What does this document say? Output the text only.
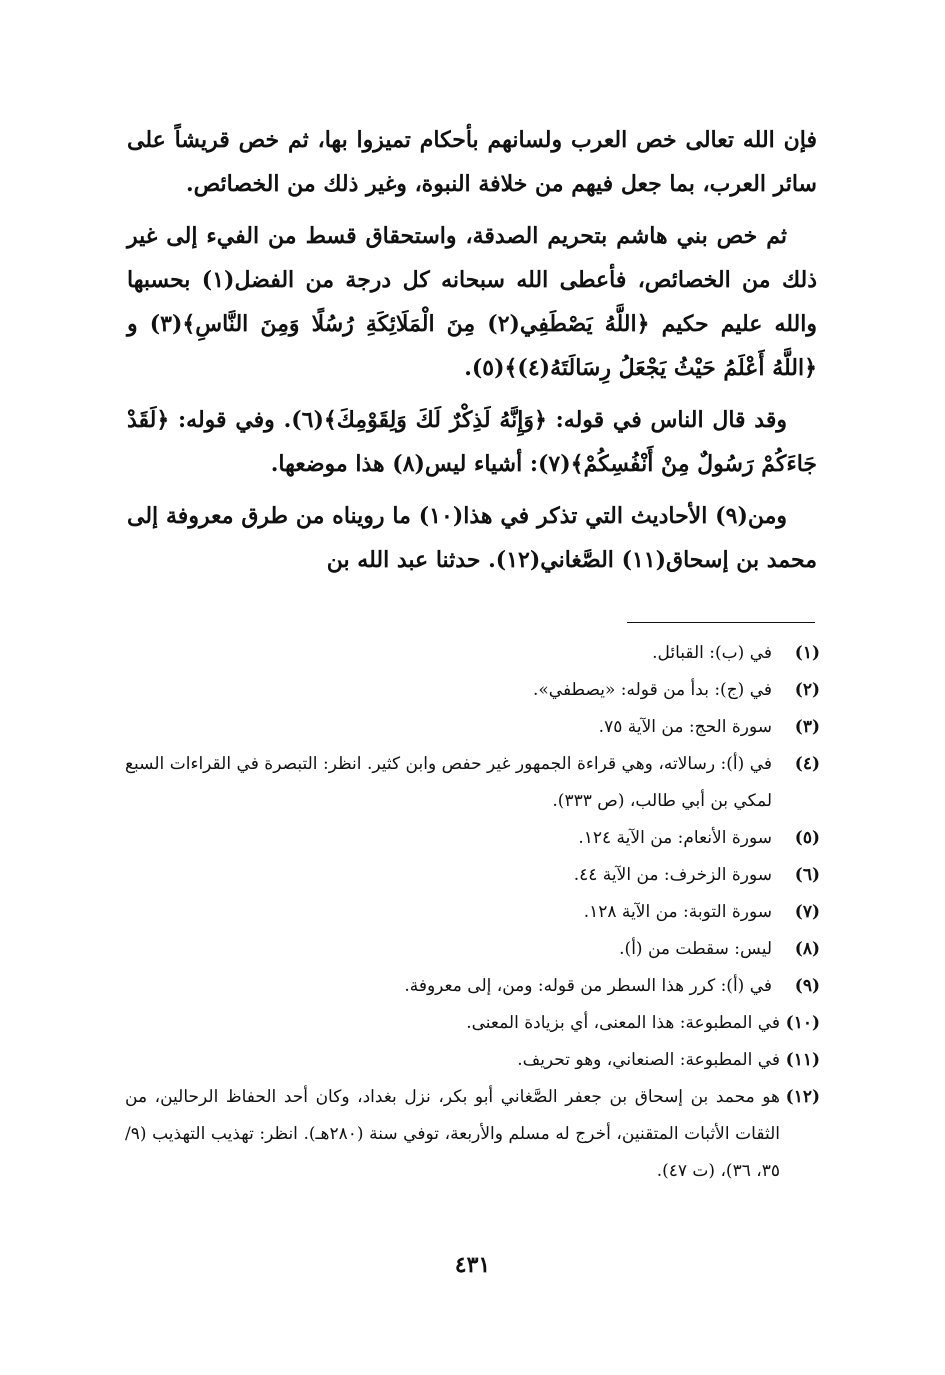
فإن الله تعالى خص العرب ولسانهم بأحكام تميزوا بها، ثم خص قريشاً على سائر العرب، بما جعل فيهم من خلافة النبوة، وغير ذلك من الخصائص.

ثم خص بني هاشم بتحريم الصدقة، واستحقاق قسط من الفيء إلى غير ذلك من الخصائص، فأعطى الله سبحانه كل درجة من الفضل(١) بحسبها والله عليم حكيم ﴿اللَّهُ يَصْطَفِي(٢) مِنَ الْمَلَائِكَةِ رُسُلًا وَمِنَ النَّاسِ﴾(٣) و ﴿اللَّهُ أَعْلَمُ حَيْثُ يَجْعَلُ رِسَالَتَهُ(٤)﴾(٥).

وقد قال الناس في قوله: ﴿وَإِنَّهُ لَذِكْرٌ لَكَ وَلِقَوْمِكَ﴾(٦). وفي قوله: ﴿لَقَدْ جَاءَكُمْ رَسُولٌ مِنْ أَنْفُسِكُمْ﴾(٧): أشياء ليس(٨) هذا موضعها.

ومن(٩) الأحاديث التي تذكر في هذا(١٠) ما رويناه من طرق معروفة إلى محمد بن إسحاق(١١) الصَّغاني(١٢). حدثنا عبد الله بن

(١)
في (ب): القبائل.
(٢)
في (ج): بدأ من قوله: «يصطفي».
(٣)
سورة الحج: من الآية ٧٥.
(٤)
في (أ): رسالاته، وهي قراءة الجمهور غير حفص وابن كثير. انظر: التبصرة في القراءات السبع لمكي بن أبي طالب، (ص ٣٣٣).
(٥)
سورة الأنعام: من الآية ١٢٤.
(٦)
سورة الزخرف: من الآية ٤٤.
(٧)
سورة التوبة: من الآية ١٢٨.
(٨)
ليس: سقطت من (أ).
(٩)
في (أ): كرر هذا السطر من قوله: ومن، إلى معروفة.
(١٠)
في المطبوعة: هذا المعنى، أي بزيادة المعنى.
(١١)
في المطبوعة: الصنعاني، وهو تحريف.
(١٢)
هو محمد بن إسحاق بن جعفر الصَّغاني أبو بكر، نزل بغداد، وكان أحد الحفاظ الرحالين، من الثقات الأثبات المتقنين، أخرج له مسلم والأربعة، توفي سنة (٢٨٠هـ). انظر: تهذيب التهذيب (٩/ ٣٥، ٣٦)، (ت ٤٧).
٤٣١
